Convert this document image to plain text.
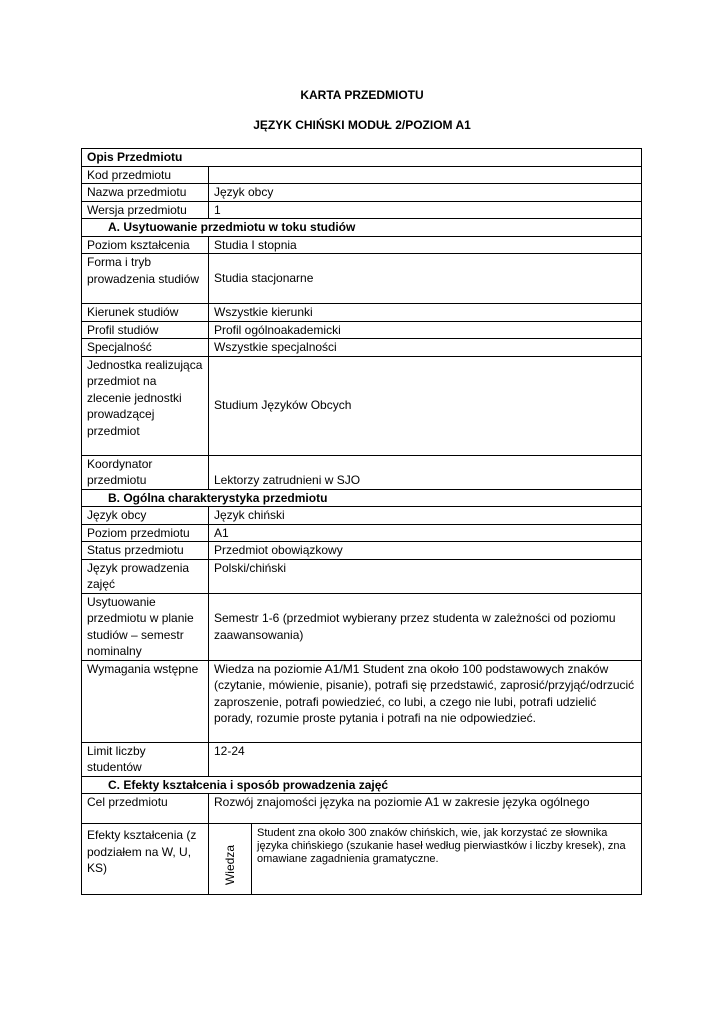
KARTA PRZEDMIOTU
JĘZYK CHIŃSKI MODUŁ 2/POZIOM A1
Opis Przedmiotu		
Kod przedmiotu		
Nazwa przedmiotu	Język obcy	
Wersja przedmiotu	1	
A. Usytuowanie przedmiotu w toku studiów		
Poziom kształcenia	Studia I stopnia	
Forma i tryb prowadzenia studiów	Studia stacjonarne	
Kierunek studiów	Wszystkie kierunki	
Profil studiów	Profil ogólnoakademicki	
Specjalność	Wszystkie specjalności	
Jednostka realizująca przedmiot na zlecenie jednostki prowadzącej przedmiot	Studium Języków Obcych	
Koordynator przedmiotu	Lektorzy zatrudnieni w SJO	
B. Ogólna charakterystyka przedmiotu		
Język obcy	Język chiński	
Poziom przedmiotu	A1	
Status przedmiotu	Przedmiot obowiązkowy	
Język prowadzenia zajęć	Polski/chiński	
Usytuowanie przedmiotu w planie studiów – semestr nominalny	Semestr 1-6 (przedmiot wybierany przez studenta w zależności od poziomu zaawansowania)	
Wymagania wstępne	Wiedza na poziomie A1/M1 Student zna około 100 podstawowych znaków (czytanie, mówienie, pisanie), potrafi się przedstawić, zaprosić/przyjąć/odrzucić zaproszenie, potrafi powiedzieć, co lubi, a czego nie lubi, potrafi udzielić porady, rozumie proste pytania i potrafi na nie odpowiedzieć.	
Limit liczby studentów	12-24	
C. Efekty kształcenia i sposób prowadzenia zajęć		
Cel przedmiotu	Rozwój znajomości języka na poziomie A1 w zakresie języka ogólnego	
Efekty kształcenia (z podziałem na W, U, KS)	Wiedza	Student zna około 300 znaków chińskich, wie, jak korzystać ze słownika języka chińskiego (szukanie haseł według pierwiastków i liczby kresek), zna omawiane zagadnienia gramatyczne.
